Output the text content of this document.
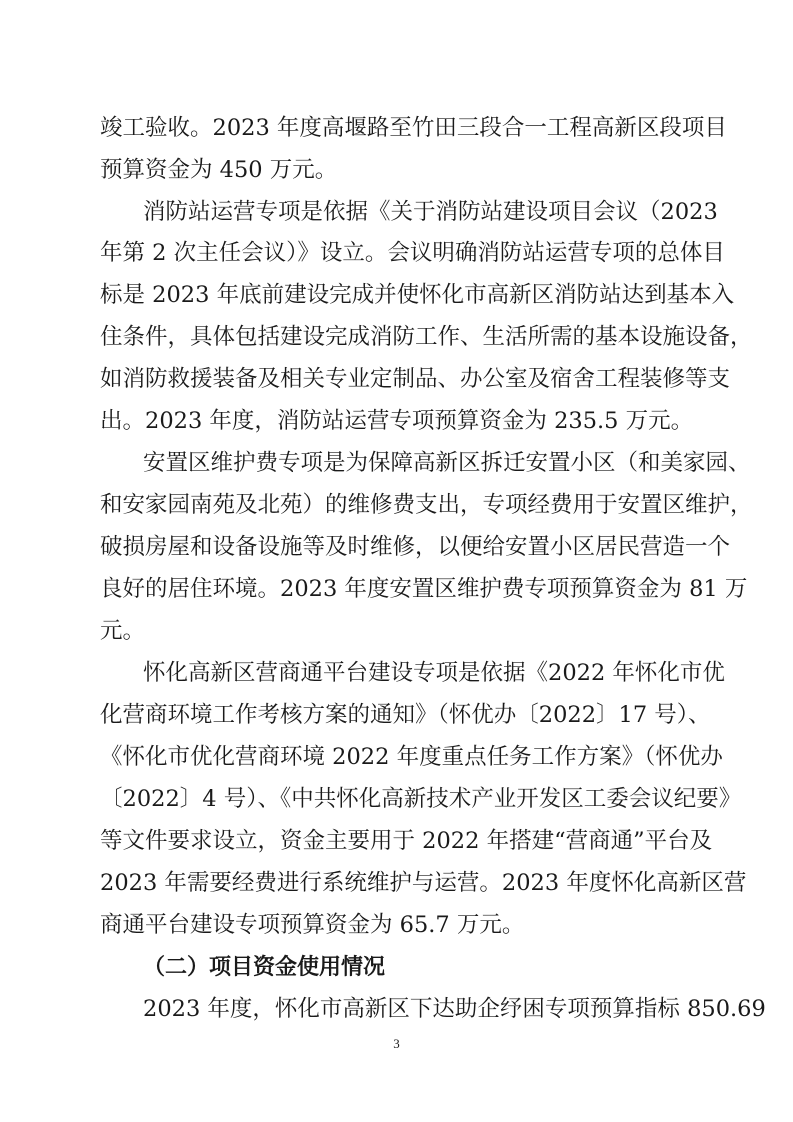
竣工验收。2023 年度高堰路至竹田三段合一工程高新区段项目
预算资金为 450 万元。
消防站运营专项是依据《关于消防站建设项目会议（2023
年第 2 次主任会议）》设立。会议明确消防站运营专项的总体目
标是 2023 年底前建设完成并使怀化市高新区消防站达到基本入
住条件，具体包括建设完成消防工作、生活所需的基本设施设备，
如消防救援装备及相关专业定制品、办公室及宿舍工程装修等支
出。2023 年度，消防站运营专项预算资金为 235.5 万元。
安置区维护费专项是为保障高新区拆迁安置小区（和美家园、
和安家园南苑及北苑）的维修费支出，专项经费用于安置区维护，
破损房屋和设备设施等及时维修，以便给安置小区居民营造一个
良好的居住环境。2023 年度安置区维护费专项预算资金为 81 万
元。
怀化高新区营商通平台建设专项是依据《2022 年怀化市优
化营商环境工作考核方案的通知》（怀优办〔2022〕17 号）、
《怀化市优化营商环境 2022 年度重点任务工作方案》（怀优办
〔2022〕4 号）、《中共怀化高新技术产业开发区工委会议纪要》
等文件要求设立，资金主要用于 2022 年搭建“营商通”平台及
2023 年需要经费进行系统维护与运营。2023 年度怀化高新区营
商通平台建设专项预算资金为 65.7 万元。
（二）项目资金使用情况
2023 年度，怀化市高新区下达助企纾困专项预算指标 850.69
3
